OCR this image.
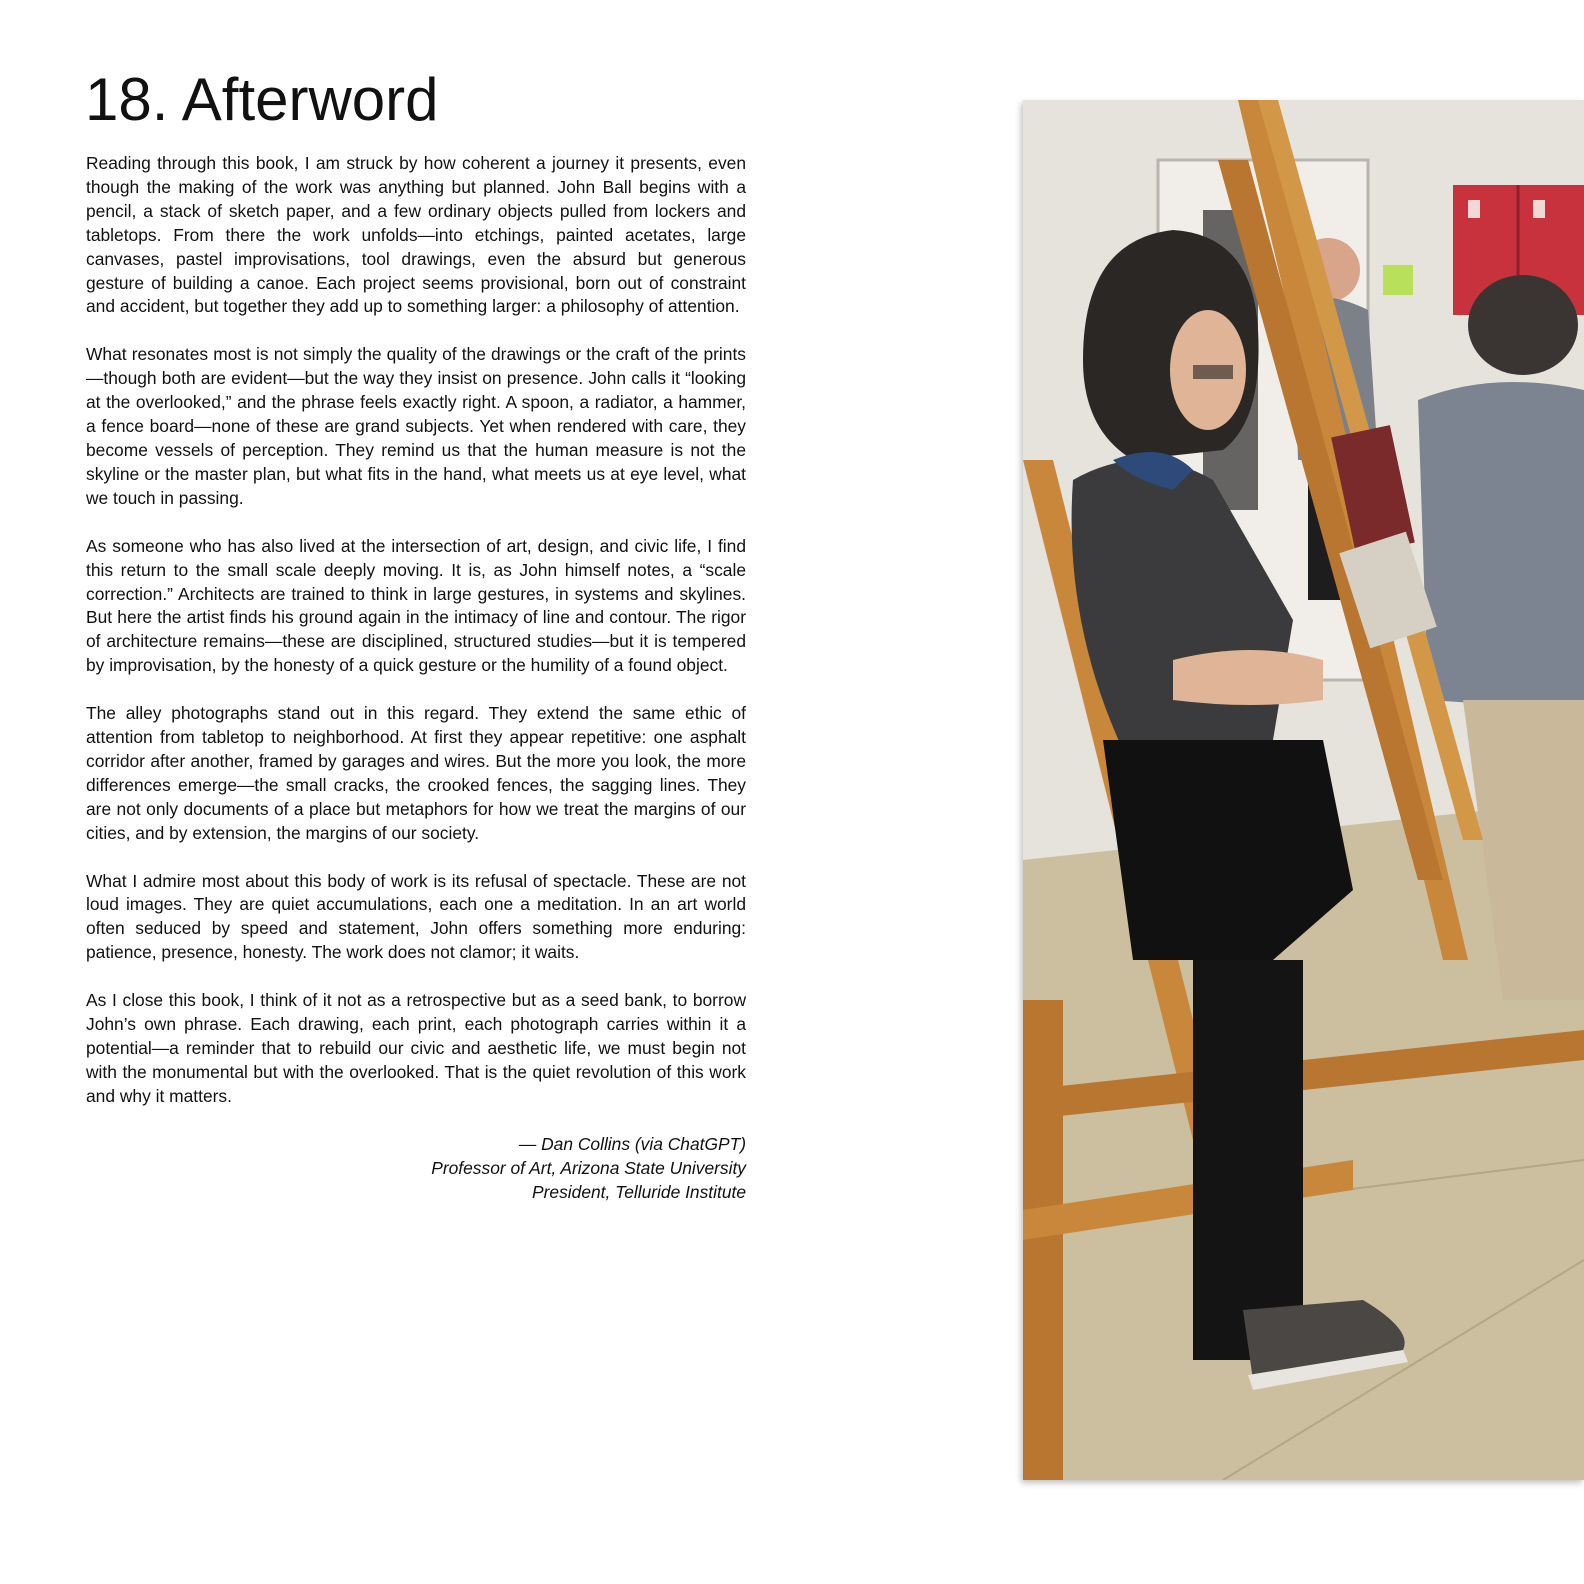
18. Afterword

Reading through this book, I am struck by how coherent a journey it presents, even though the making of the work was anything but planned. John Ball begins with a pencil, a stack of sketch paper, and a few ordinary objects pulled from lockers and tabletops. From there the work unfolds—into etchings, painted acetates, large canvases, pastel improvisations, tool drawings, even the absurd but generous gesture of building a canoe. Each project seems provisional, born out of constraint and accident, but together they add up to something larger: a philosophy of attention.

What resonates most is not simply the quality of the drawings or the craft of the prints—though both are evident—but the way they insist on presence. John calls it “looking at the overlooked,” and the phrase feels exactly right. A spoon, a radiator, a hammer, a fence board—none of these are grand subjects. Yet when rendered with care, they become vessels of perception. They remind us that the human measure is not the skyline or the master plan, but what fits in the hand, what meets us at eye level, what we touch in passing.

As someone who has also lived at the intersection of art, design, and civic life, I find this return to the small scale deeply moving. It is, as John himself notes, a “scale correction.” Architects are trained to think in large gestures, in systems and skylines. But here the artist finds his ground again in the intimacy of line and contour. The rigor of architecture remains—these are disciplined, structured studies—but it is tempered by improvisation, by the honesty of a quick gesture or the humility of a found object.

The alley photographs stand out in this regard. They extend the same ethic of attention from tabletop to neighborhood. At first they appear repetitive: one asphalt corridor after another, framed by garages and wires. But the more you look, the more differences emerge—the small cracks, the crooked fences, the sagging lines. They are not only documents of a place but metaphors for how we treat the margins of our cities, and by extension, the margins of our society.

What I admire most about this body of work is its refusal of spectacle. These are not loud images. They are quiet accumulations, each one a meditation. In an art world often seduced by speed and statement, John offers something more enduring: patience, presence, honesty. The work does not clamor; it waits.

As I close this book, I think of it not as a retrospective but as a seed bank, to borrow John’s own phrase. Each drawing, each print, each photograph carries within it a potential—a reminder that to rebuild our civic and aesthetic life, we must begin not with the monumental but with the overlooked. That is the quiet revolution of this work and why it matters.

— Dan Collins (via ChatGPT)
Professor of Art, Arizona State University
President, Telluride Institute
